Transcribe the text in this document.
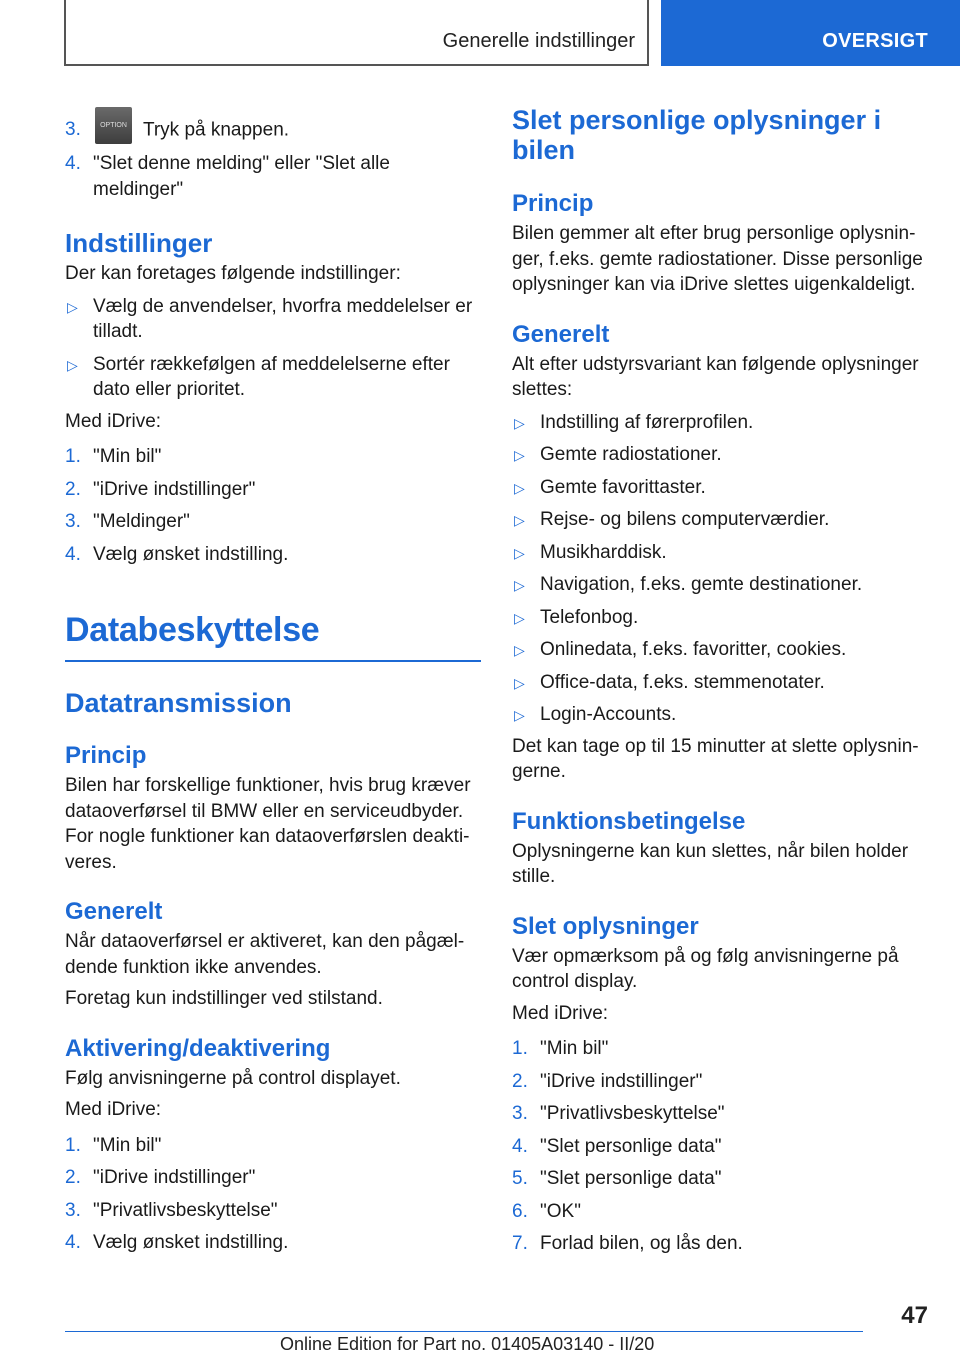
Generelle indstillinger	OVERSIGT
3.	OPTION Tryk på knappen.
4. "Slet denne melding" eller "Slet alle meldinger"
Indstillinger
Der kan foretages følgende indstillinger:
▷ Vælg de anvendelser, hvorfra meddelelser er tilladt.
▷ Sortér rækkefølgen af meddelelserne efter dato eller prioritet.
Med iDrive:
1. "Min bil"
2. "iDrive indstillinger"
3. "Meldinger"
4. Vælg ønsket indstilling.
Databeskyttelse
Datatransmission
Princip
Bilen har forskellige funktioner, hvis brug kræver dataoverførsel til BMW eller en serviceudbyder. For nogle funktioner kan dataoverførslen deaktiveres.
Generelt
Når dataoverførsel er aktiveret, kan den pågældende funktion ikke anvendes.
Foretag kun indstillinger ved stilstand.
Aktivering/deaktivering
Følg anvisningerne på control displayet.
Med iDrive:
1. "Min bil"
2. "iDrive indstillinger"
3. "Privatlivsbeskyttelse"
4. Vælg ønsket indstilling.
Slet personlige oplysninger i bilen
Princip
Bilen gemmer alt efter brug personlige oplysninger, f.eks. gemte radiostationer. Disse personlige oplysninger kan via iDrive slettes uigenkaldeligt.
Generelt
Alt efter udstyrsvariant kan følgende oplysninger slettes:
▷ Indstilling af førerprofilen.
▷ Gemte radiostationer.
▷ Gemte favorittaster.
▷ Rejse- og bilens computerværdier.
▷ Musikharddisk.
▷ Navigation, f.eks. gemte destinationer.
▷ Telefonbog.
▷ Onlinedata, f.eks. favoritter, cookies.
▷ Office-data, f.eks. stemmenotater.
▷ Login-Accounts.
Det kan tage op til 15 minutter at slette oplysningerne.
Funktionsbetingelse
Oplysningerne kan kun slettes, når bilen holder stille.
Slet oplysninger
Vær opmærksom på og følg anvisningerne på control display.
Med iDrive:
1. "Min bil"
2. "iDrive indstillinger"
3. "Privatlivsbeskyttelse"
4. "Slet personlige data"
5. "Slet personlige data"
6. "OK"
7. Forlad bilen, og lås den.
47
Online Edition for Part no. 01405A03140 - II/20
